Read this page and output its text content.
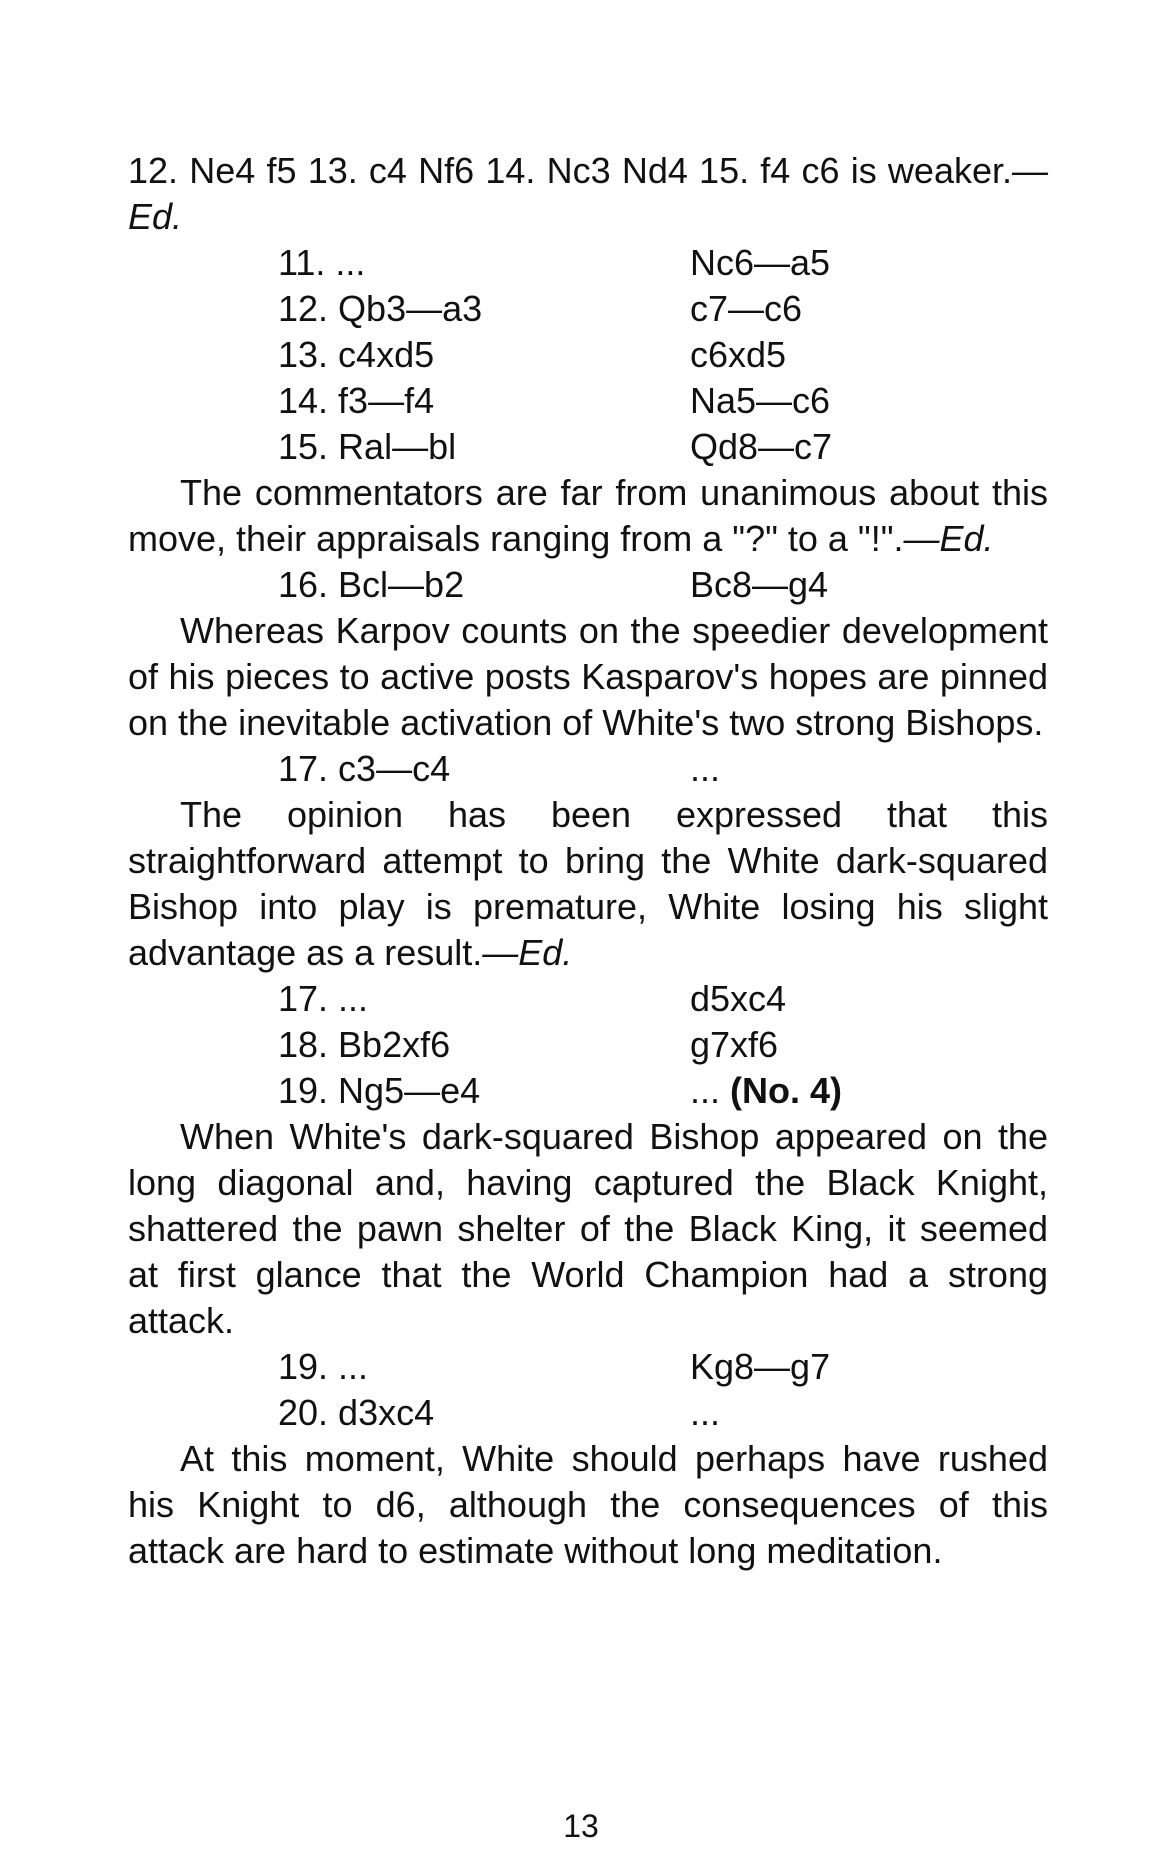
12. Ne4 f5 13. c4 Nf6 14. Nc3 Nd4 15. f4 c6 is weaker.—Ed.

11. ...	Nc6—a5
12. Qb3—a3	c7—c6
13. c4xd5	c6xd5
14. f3—f4	Na5—c6
15. Ral—bl	Qd8—c7

The commentators are far from unanimous about this move, their appraisals ranging from a "?" to a "!".—Ed.

16. Bcl—b2	Bc8—g4

Whereas Karpov counts on the speedier development of his pieces to active posts Kasparov's hopes are pinned on the inevitable activation of White's two strong Bishops.

17. c3—c4	...

The opinion has been expressed that this straightforward attempt to bring the White dark-squared Bishop into play is premature, White losing his slight advantage as a result.—Ed.

17. ...	d5xc4
18. Bb2xf6	g7xf6
19. Ng5—e4	... (No. 4)

When White's dark-squared Bishop appeared on the long diagonal and, having captured the Black Knight, shattered the pawn shelter of the Black King, it seemed at first glance that the World Champion had a strong attack.

19. ...	Kg8—g7
20. d3xc4	...

At this moment, White should perhaps have rushed his Knight to d6, although the consequences of this attack are hard to estimate without long meditation.

13
